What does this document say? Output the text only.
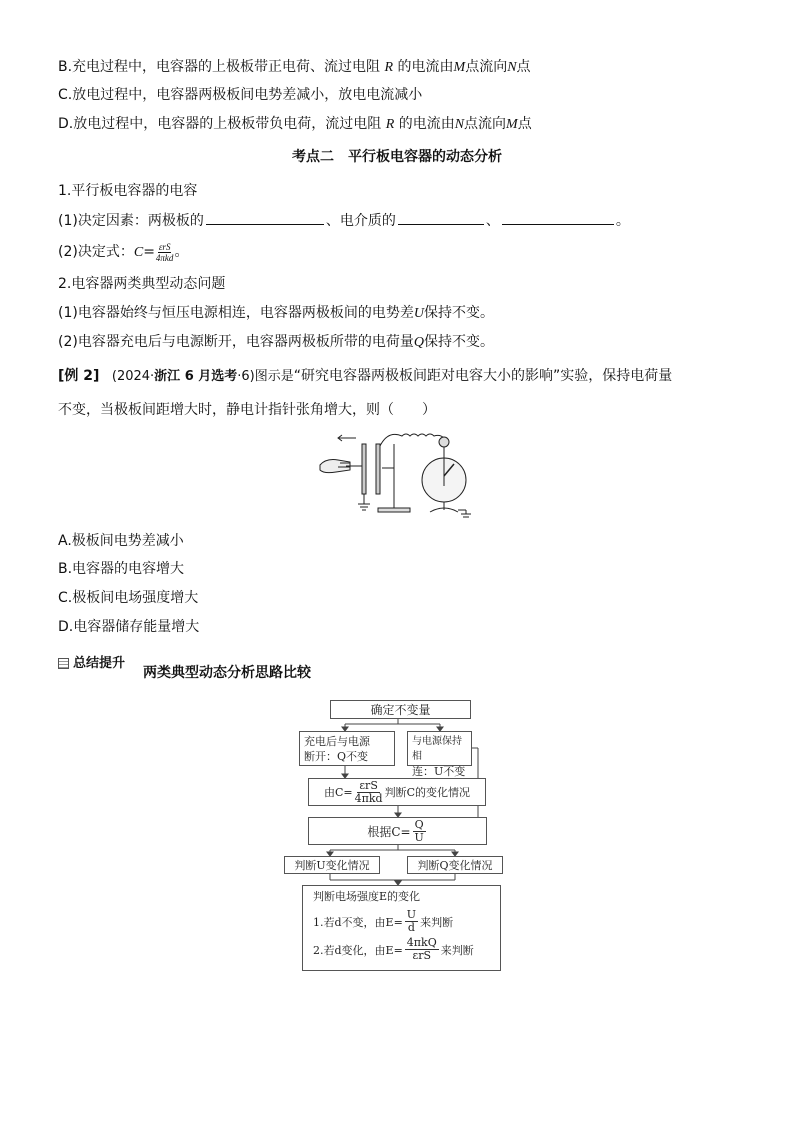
B.充电过程中，电容器的上极板带正电荷、流过电阻 R 的电流由M点流向N点
C.放电过程中，电容器两极板间电势差减小，放电电流减小
D.放电过程中，电容器的上极板带负电荷，流过电阻 R 的电流由N点流向M点
考点二　平行板电容器的动态分析
1.平行板电容器的电容
(1)决定因素：两极板的	、电介质的	、	。
(2)决定式：$C= \frac{\text{εrS}}{\text{4πkd}}$ 。
2.电容器两类典型动态问题
(1)电容器始终与恒压电源相连，电容器两极板间的电势差U保持不变。
(2)电容器充电后与电源断开，电容器两极板所带的电荷量Q保持不变。
[例 2] (2024·浙江 6 月选考·6)图示是“研究电容器两极板间距对电容大小的影响”实验，保持电荷量
不变，当极板间距增大时，静电计指针张角增大，则（　　）
A.极板间电势差减小
B.电容器的电容增大
C.极板间电场强度增大
D.电容器储存能量增大
总结提升
两类典型动态分析思路比较
确定不变量
充电后与电源
断开：Q不变
与电源保持相
连：U不变
由C=
εrS
4πkd 判断C的变化情况
根据$C= \frac{Q}{U}$
判断U变化情况	判断Q变化情况
判断电场强度E的变化
1.若d不变，由$E= \frac{U}{d}$ 来判断
2.若d变化，由E=
4πkQ
εrS 来判断
